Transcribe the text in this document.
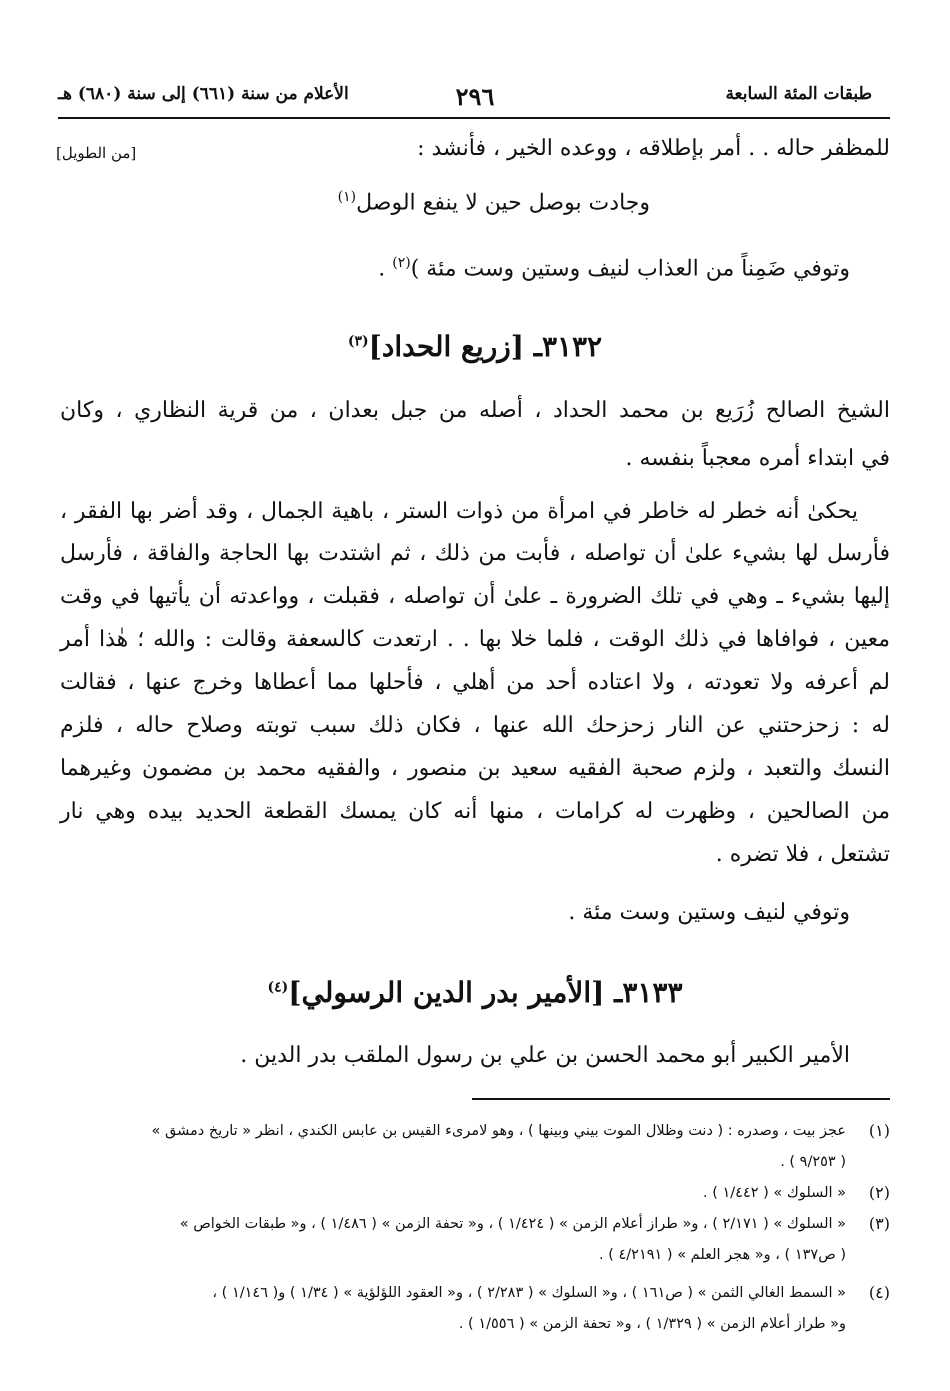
طبقات المئة السابعة
٢٩٦
الأعلام من سنة (٦٦١) إلى سنة (٦٨٠) هـ
[من الطويل]	للمظفر حاله . . أمر بإطلاقه ، ووعده الخير ، فأنشد :
وجادت بوصل حين لا ينفع الوصل$^{(١)}$
وتوفي ضَمِناً من العذاب لنيف وستين وست مئة )$^{(٢)}$ .
٣١٣٢ـ [زريع الحداد]$^{(٣)}$
الشيخ الصالح زُرَيع بن محمد الحداد ، أصله من جبل بعدان ، من قرية النظاري ، وكان
في ابتداء أمره معجباً بنفسه .
يحكىٰ أنه خطر له خاطر في امرأة من ذوات الستر ، باهية الجمال ، وقد أضر بها الفقر ،
فأرسل لها بشيء علىٰ أن تواصله ، فأبت من ذلك ، ثم اشتدت بها الحاجة والفاقة ، فأرسل
إليها بشيء ـ وهي في تلك الضرورة ـ علىٰ أن تواصله ، فقبلت ، وواعدته أن يأتيها في وقت
معين ، فوافاها في ذلك الوقت ، فلما خلا بها . . ارتعدت كالسعفة وقالت : والله ؛ هٰذا أمر
لم أعرفه ولا تعودته ، ولا اعتاده أحد من أهلي ، فأحلها مما أعطاها وخرج عنها ، فقالت
له : زحزحتني عن النار زحزحك الله عنها ، فكان ذلك سبب توبته وصلاح حاله ، فلزم
النسك والتعبد ، ولزم صحبة الفقيه سعيد بن منصور ، والفقيه محمد بن مضمون وغيرهما
من الصالحين ، وظهرت له كرامات ، منها أنه كان يمسك القطعة الحديد بيده وهي نار
تشتعل ، فلا تضره .
وتوفي لنيف وستين وست مئة .
٣١٣٣ـ [الأمير بدر الدين الرسولي]$^{(٤)}$
الأمير الكبير أبو محمد الحسن بن علي بن رسول الملقب بدر الدين .
(١)
عجز بيت ، وصدره : ( دنت وظلال الموت بيني وبينها ) ، وهو لامرىء القيس بن عابس الكندي ، انظر « تاريخ دمشق »
( ٩/٢٥٣ ) .
(٢)
« السلوك » ( ١/٤٤٢ ) .
(٣)
« السلوك » ( ٢/١٧١ ) ، و« طراز أعلام الزمن » ( ١/٤٢٤ ) ، و« تحفة الزمن » ( ١/٤٨٦ ) ، و« طبقات الخواص »
( ص١٣٧ ) ، و« هجر العلم » ( ٤/٢١٩١ ) .
(٤)
« السمط الغالي الثمن » ( ص١٦١ ) ، و« السلوك » ( ٢/٢٨٣ ) ، و« العقود اللؤلؤية » ( ١/٣٤ ) و( ١/١٤٦ ) ،
و« طراز أعلام الزمن » ( ١/٣٢٩ ) ، و« تحفة الزمن » ( ١/٥٥٦ ) .
